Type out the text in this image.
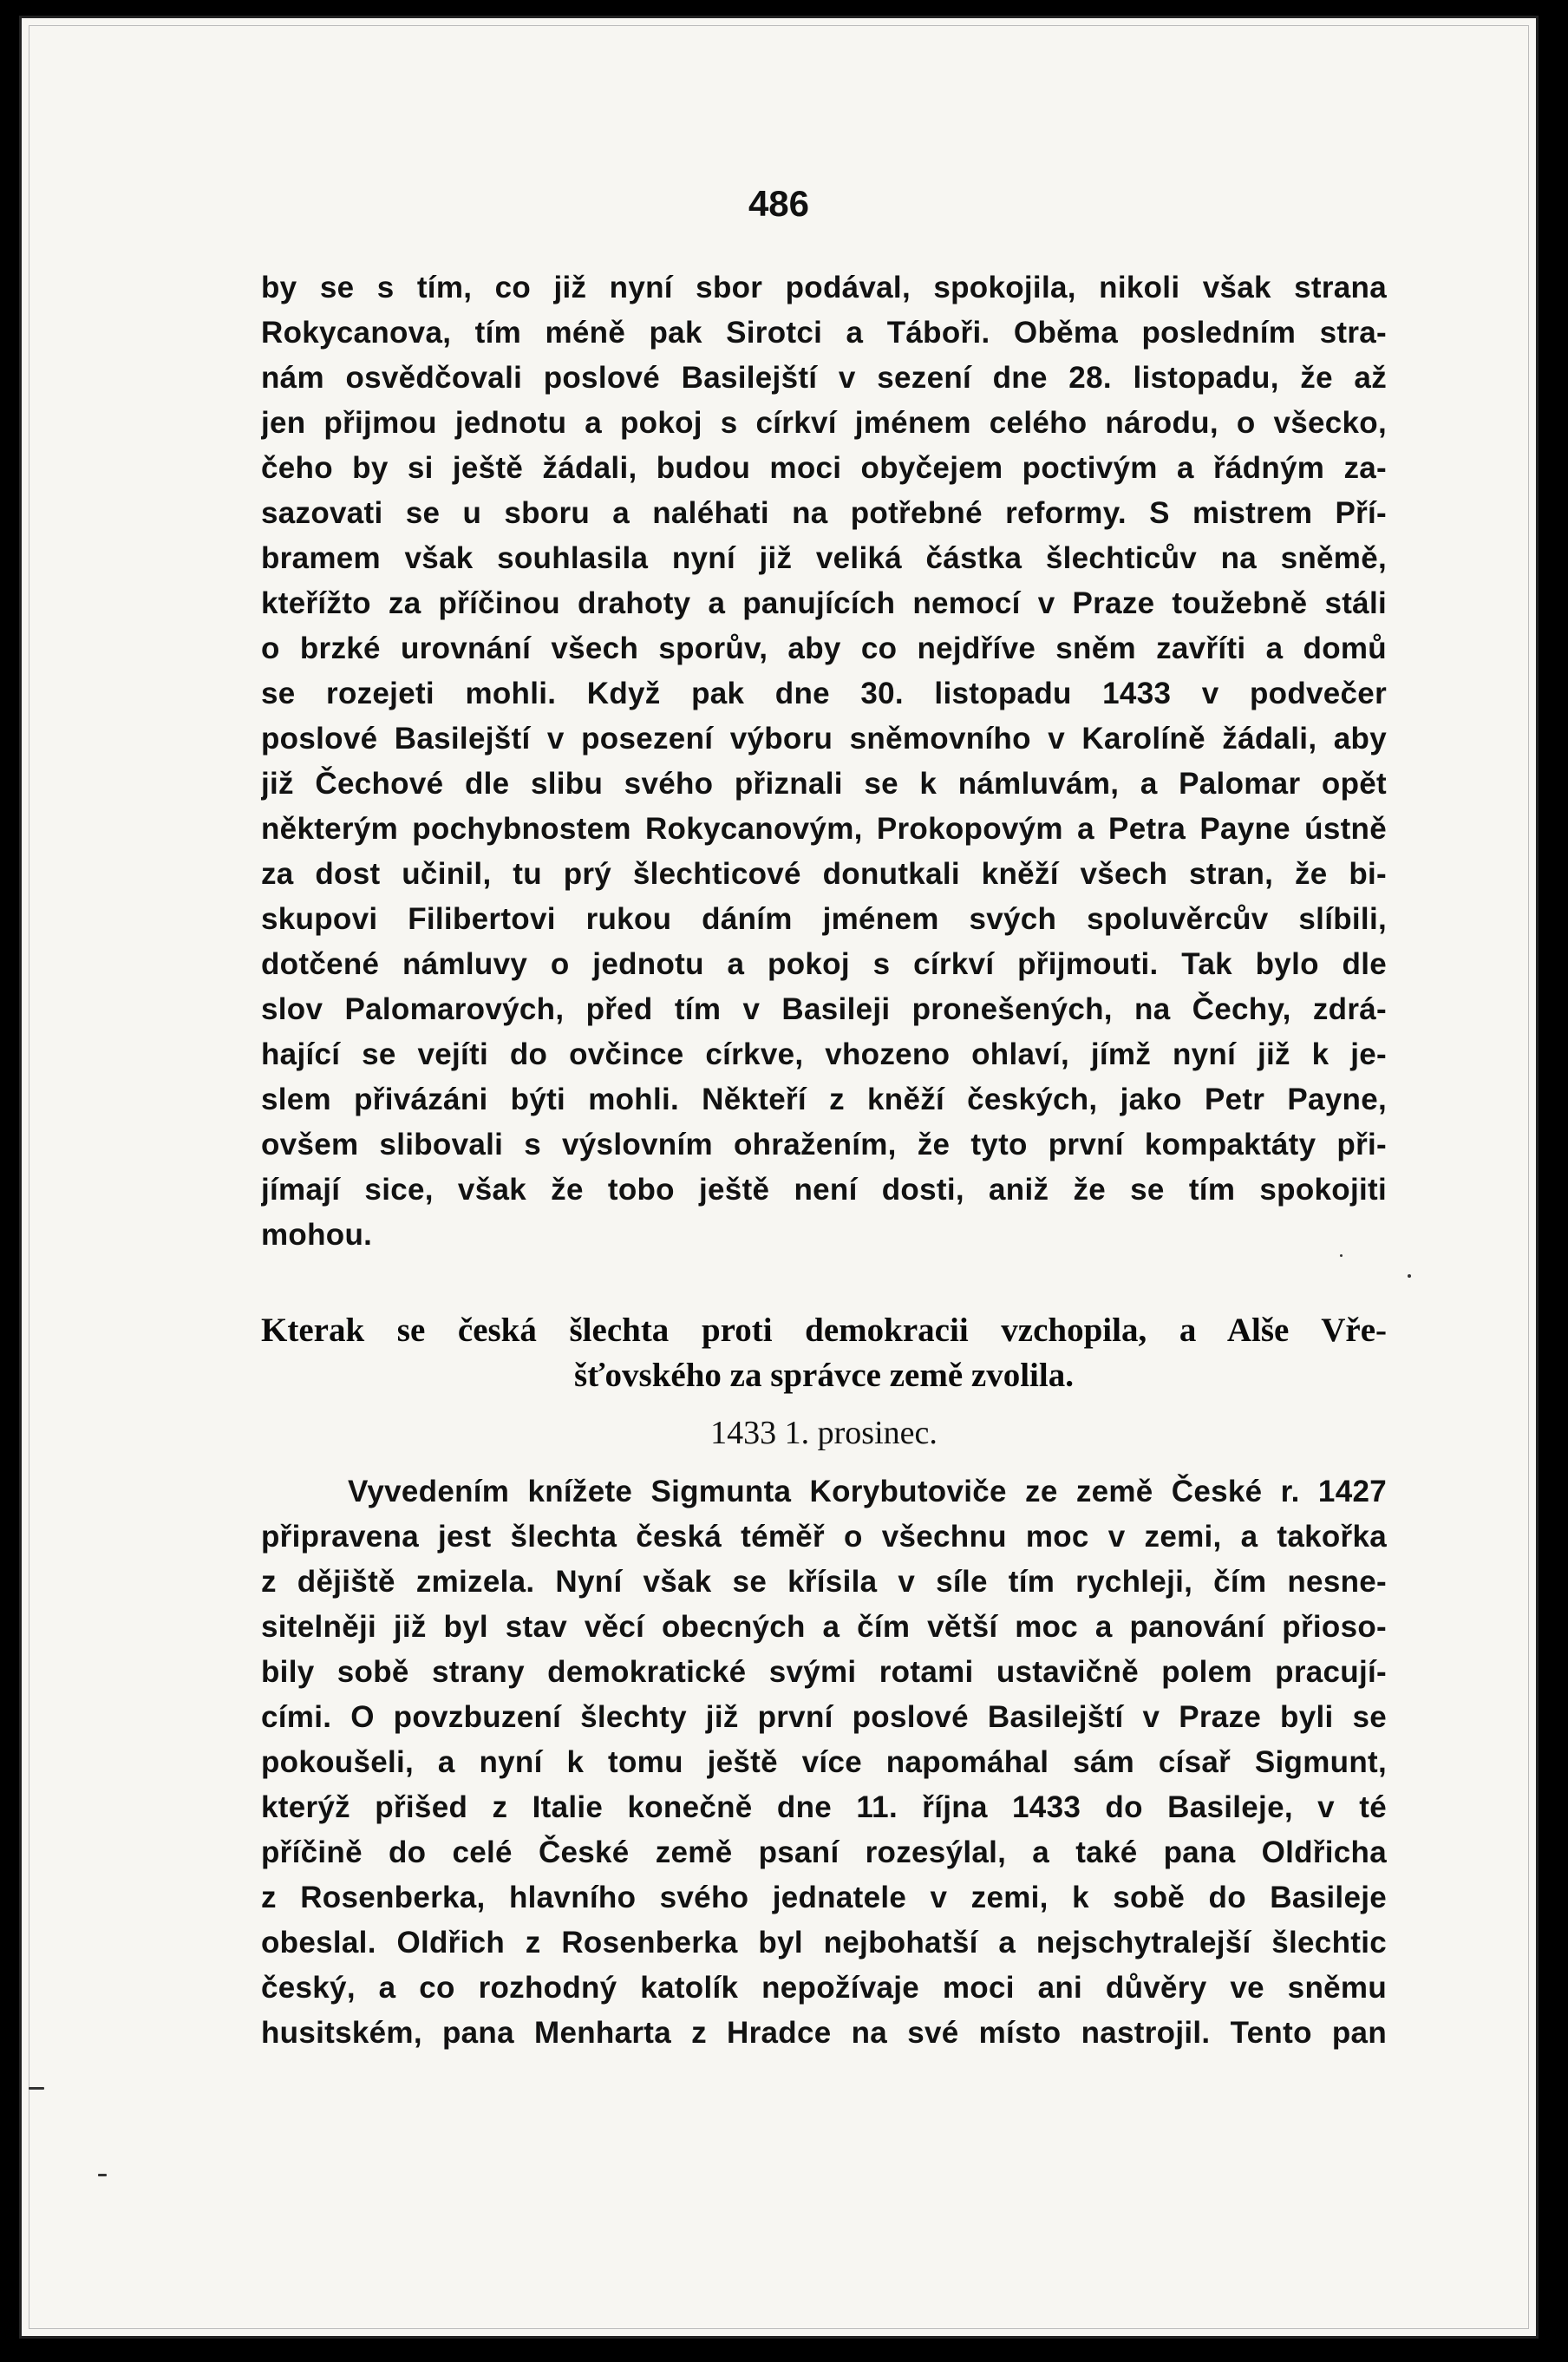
486
by se s tím, co již nyní sbor podával, spokojila, nikoli však strana
Rokycanova, tím méně pak Sirotci a Táboři. Oběma posledním stra-
nám osvědčovali poslové Basilejští v sezení dne 28. listopadu, že až
jen přijmou jednotu a pokoj s církví jménem celého národu, o všecko,
čeho by si ještě žádali, budou moci obyčejem poctivým a řádným za-
sazovati se u sboru a naléhati na potřebné reformy. S mistrem Pří-
bramem však souhlasila nyní již veliká částka šlechticův na sněmě,
kteřížto za příčinou drahoty a panujících nemocí v Praze toužebně stáli
o brzké urovnání všech sporův, aby co nejdříve sněm zavříti a domů
se rozejeti mohli. Když pak dne 30. listopadu 1433 v podvečer
poslové Basilejští v posezení výboru sněmovního v Karolíně žádali, aby
již Čechové dle slibu svého přiznali se k námluvám, a Palomar opět
některým pochybnostem Rokycanovým, Prokopovým a Petra Payne ústně
za dost učinil, tu prý šlechticové donutkali kněží všech stran, že bi-
skupovi Filibertovi rukou dáním jménem svých spoluvěrcův slíbili,
dotčené námluvy o jednotu a pokoj s církví přijmouti. Tak bylo dle
slov Palomarových, před tím v Basileji pronešených, na Čechy, zdrá-
hající se vejíti do ovčince církve, vhozeno ohlaví, jímž nyní již k je-
slem přivázáni býti mohli. Někteří z kněží českých, jako Petr Payne,
ovšem slibovali s výslovním ohražením, že tyto první kompaktáty při-
jímají sice, však že tobo ještě není dosti, aniž že se tím spokojiti
mohou.
Kterak se česká šlechta proti demokracii vzchopila, a Alše Vře-
šťovského za správce země zvolila.
1433 1. prosinec.
Vyvedením knížete Sigmunta Korybutoviče ze země České r. 1427
připravena jest šlechta česká téměř o všechnu moc v zemi, a takořka
z dějiště zmizela. Nyní však se křísila v síle tím rychleji, čím nesne-
sitelněji již byl stav věcí obecných a čím větší moc a panování přioso-
bily sobě strany demokratické svými rotami ustavičně polem pracují-
cími. O povzbuzení šlechty již první poslové Basilejští v Praze byli se
pokoušeli, a nyní k tomu ještě více napomáhal sám císař Sigmunt,
kterýž přišed z Italie konečně dne 11. října 1433 do Basileje, v té
příčině do celé České země psaní rozesýlal, a také pana Oldřicha
z Rosenberka, hlavního svého jednatele v zemi, k sobě do Basileje
obeslal. Oldřich z Rosenberka byl nejbohatší a nejschytralejší šlechtic
český, a co rozhodný katolík nepožívaje moci ani důvěry ve sněmu
husitském, pana Menharta z Hradce na své místo nastrojil. Tento pan
